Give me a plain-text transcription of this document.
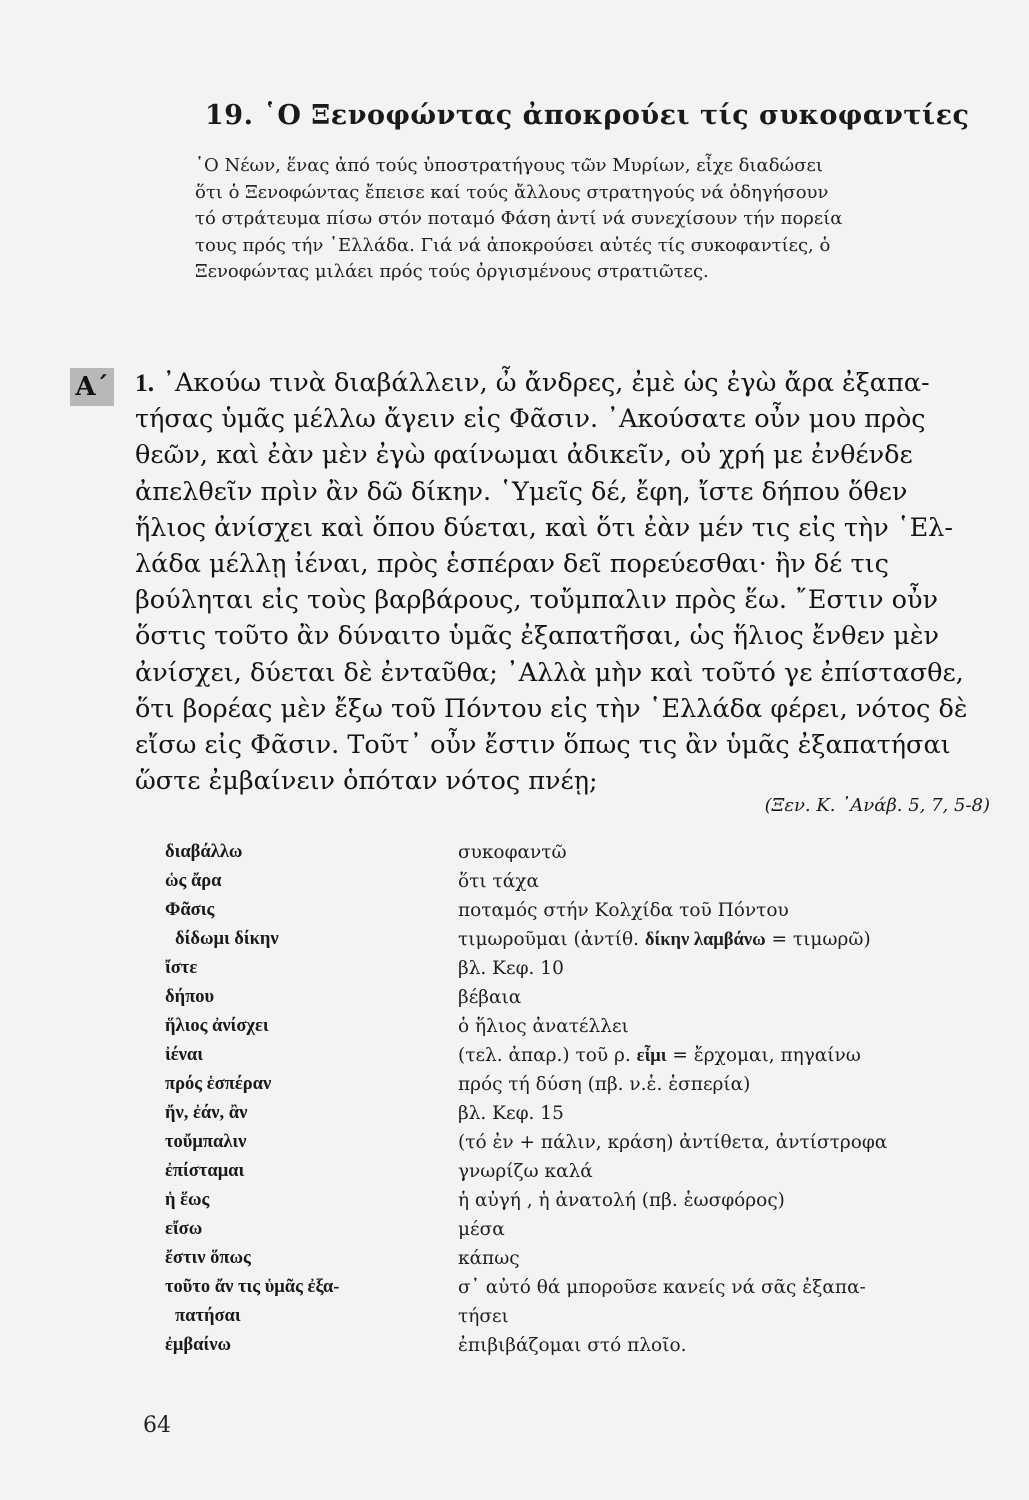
19. ῾Ο Ξενοφώντας ἀποκρούει τίς συκοφαντίες
῾Ο Νέων, ἕνας ἀπό τούς ὑποστρατήγους τῶν Μυρίων, εἶχε διαδώσει
ὅτι ὁ Ξενοφώντας ἔπεισε καί τούς ἄλλους στρατηγούς νά ὁδηγήσουν
τό στράτευμα πίσω στόν ποταμό Φάση ἀντί νά συνεχίσουν τήν πορεία
τους πρός τήν ῾Ελλάδα. Γιά νά ἀποκρούσει αὐτές τίς συκοφαντίες, ὁ
Ξενοφώντας μιλάει πρός τούς ὀργισμένους στρατιῶτες.
Α΄ 1. ᾿Ακούω τινὰ διαβάλλειν, ὦ ἄνδρες, ἐμὲ ὡς ἐγὼ ἄρα ἐξαπα-
τήσας ὑμᾶς μέλλω ἄγειν εἰς Φᾶσιν. ᾿Ακούσατε οὖν μου πρὸς
θεῶν, καὶ ἐὰν μὲν ἐγὼ φαίνωμαι ἀδικεῖν, οὐ χρή με ἐνθένδε
ἀπελθεῖν πρὶν ἂν δῶ δίκην. ῾Υμεῖς δέ, ἔφη, ἴστε δήπου ὅθεν
ἥλιος ἀνίσχει καὶ ὅπου δύεται, καὶ ὅτι ἐὰν μέν τις εἰς τὴν ῾Ελ-
λάδα μέλλῃ ἰέναι, πρὸς ἑσπέραν δεῖ πορεύεσθαι· ἢν δέ τις
βούληται εἰς τοὺς βαρβάρους, τοὔμπαλιν πρὸς ἕω. ῎Εστιν οὖν
ὅστις τοῦτο ἂν δύναιτο ὑμᾶς ἐξαπατῆσαι, ὡς ἥλιος ἔνθεν μὲν
ἀνίσχει, δύεται δὲ ἐνταῦθα; ᾿Αλλὰ μὴν καὶ τοῦτό γε ἐπίστασθε,
ὅτι βορέας μὲν ἔξω τοῦ Πόντου εἰς τὴν ῾Ελλάδα φέρει, νότος δὲ
εἴσω εἰς Φᾶσιν. Τοῦτ᾿ οὖν ἔστιν ὅπως τις ἂν ὑμᾶς ἐξαπατήσαι
ὥστε ἐμβαίνειν ὁπόταν νότος πνέῃ;
(Ξεν. Κ. ᾿Ανάβ. 5, 7, 5-8)
διαβάλλω	συκοφαντῶ
ὡς ἄρα	ὅτι τάχα
Φᾶσις	ποταμός στήν Κολχίδα τοῦ Πόντου
δίδωμι δίκην	τιμωροῦμαι (ἀντίθ. δίκην λαμβάνω = τιμωρῶ)
ἴστε	βλ. Κεφ. 10
δήπου	βέβαια
ἥλιος ἀνίσχει	ὁ ἥλιος ἀνατέλλει
ἰέναι	(τελ. ἀπαρ.) τοῦ ρ. εἶμι = ἔρχομαι, πηγαίνω
πρός ἑσπέραν	πρός τή δύση (πβ. ν.ἑ. ἑσπερία)
ἤν, ἐάν, ἂν	βλ. Κεφ. 15
τοὔμπαλιν	(τό ἐν + πάλιν, κράση) ἀντίθετα, ἀντίστροφα
ἐπίσταμαι	γνωρίζω καλά
ἡ ἕως	ἡ αὐγή , ἡ ἀνατολή (πβ. ἑωσφόρος)
εἴσω	μέσα
ἔστιν ὅπως	κάπως
τοῦτο ἄν τις ὑμᾶς ἐξα-	σ᾿ αὐτό θά μποροῦσε κανείς νά σᾶς ἐξαπα-
πατήσαι	τήσει
ἐμβαίνω	ἐπιβιβάζομαι στό πλοῖο.
64
